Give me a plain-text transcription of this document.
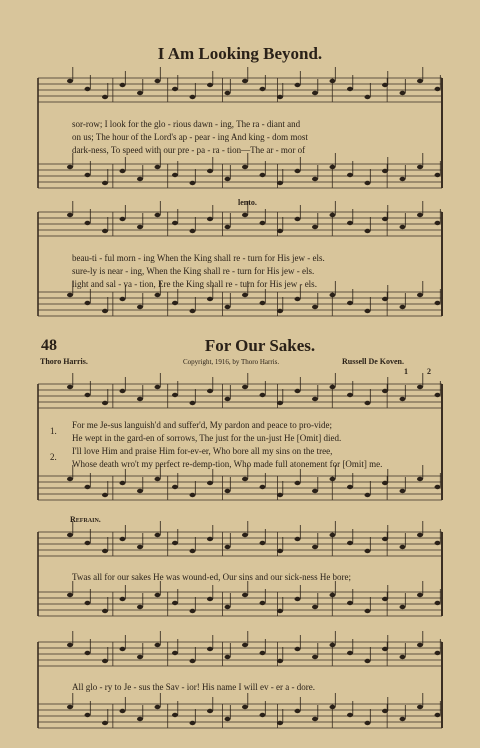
I Am Looking Beyond.
sor-row; I look for the glo - rious dawn - ing, The ra - diant and
on us; The hour of the Lord's ap - pear - ing And king - dom most
dark-ness, To speed with our pre - pa - ra - tion—The ar - mor of
lento.
beau-ti - ful morn - ing When the King shall re - turn for His jew - els.
sure-ly is near - ing, When the King shall re - turn for His jew - els.
light and sal - va - tion, Ere the King shall re - turn for His jew - els.
48	For Our Sakes.
Thoro Harris.	Copyright, 1916, by Thoro Harris.	Russell De Koven.
1 2
1.
2.
For me Je-sus languish'd and suffer'd, My pardon and peace to pro-vide;
He wept in the gard-en of sorrows, The just for the un-just He [Omit] died.
I'll love Him and praise Him for-ev-er, Who bore all my sins on the tree,
Whose death wro't my perfect re-demp-tion, Who made full atonement for [Omit] me.
Refrain.
Twas all for our sakes He was wound-ed, Our sins and our sick-ness He bore;
All glo - ry to Je - sus the Sav - ior! His name I will ev - er a - dore.
